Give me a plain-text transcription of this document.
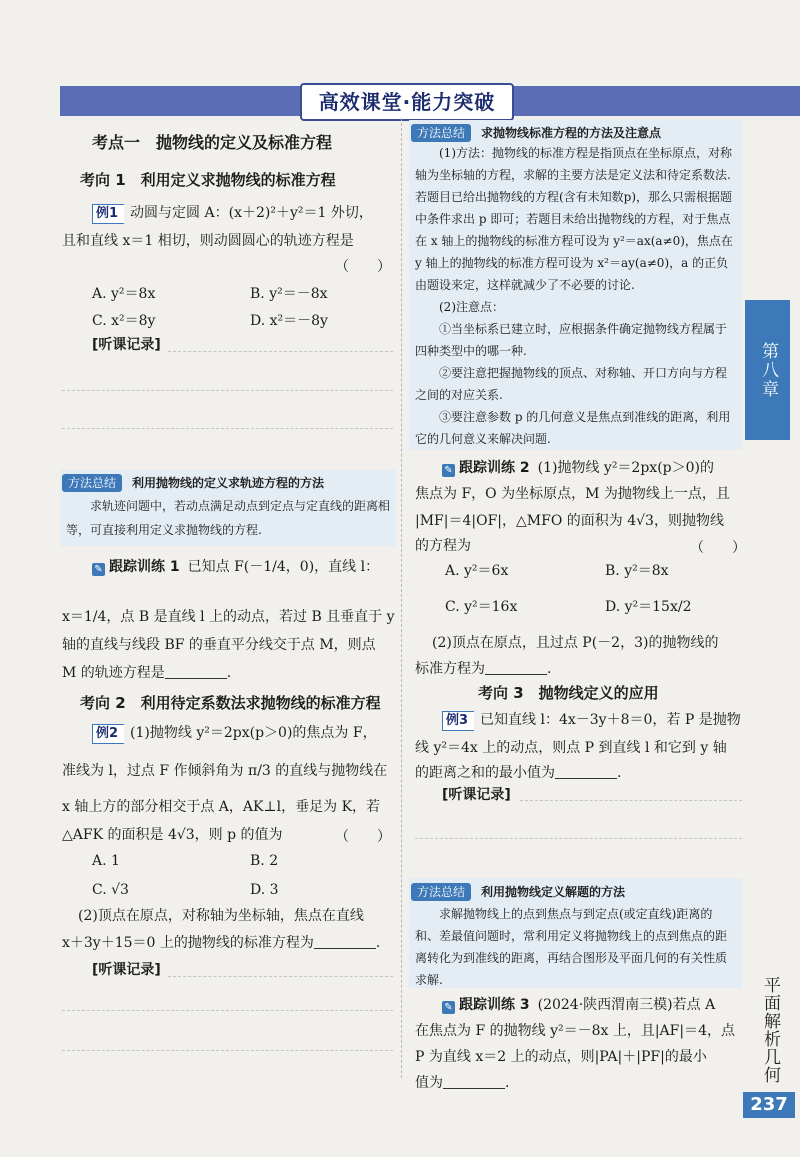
高效课堂·能力突破
第八章
平面解析几何
237
考点一　抛物线的定义及标准方程
考向 1　利用定义求抛物线的标准方程
例1 动圆与定圆 A：(x＋2)²＋y²＝1 外切，
且和直线 x＝1 相切，则动圆圆心的轨迹方程是
（　　）
A. y²＝8x	B. y²＝－8x
C. x²＝8y	D. x²＝－8y
[听课记录]
方法总结 利用抛物线的定义求轨迹方程的方法

求轨迹问题中，若动点满足动点到定点与定直线的距离相等，可直接利用定义求抛物线的方程.

✎ 跟踪训练 1 已知点 F(－1/4，0)，直线 l：
x＝1/4，点 B 是直线 l 上的动点，若过 B 且垂直于 y
轴的直线与线段 BF 的垂直平分线交于点 M，则点
M 的轨迹方程是	.
考向 2　利用待定系数法求抛物线的标准方程
例2 (1)抛物线 y²＝2px(p＞0)的焦点为 F，
准线为 l，过点 F 作倾斜角为 π/3 的直线与抛物线在
x 轴上方的部分相交于点 A，AK⊥l，垂足为 K，若
△AFK 的面积是 4√3，则 p 的值为	（　　）
A. 1	B. 2
C. √3	D. 3
(2)顶点在原点，对称轴为坐标轴，焦点在直线
x＋3y＋15＝0 上的抛物线的标准方程为	.
[听课记录]
方法总结 求抛物线标准方程的方法及注意点

(1)方法：抛物线的标准方程是指顶点在坐标原点，对称轴为坐标轴的方程，求解的主要方法是定义法和待定系数法.若题目已给出抛物线的方程(含有未知数p)，那么只需根据题中条件求出 p 即可；若题目未给出抛物线的方程，对于焦点在 x 轴上的抛物线的标准方程可设为 y²＝ax(a≠0)，焦点在 y 轴上的抛物线的标准方程可设为 x²＝ay(a≠0)，a 的正负由题设来定，这样就减少了不必要的讨论.

(2)注意点：

①当坐标系已建立时，应根据条件确定抛物线方程属于四种类型中的哪一种.

②要注意把握抛物线的顶点、对称轴、开口方向与方程之间的对应关系.

③要注意参数 p 的几何意义是焦点到准线的距离，利用它的几何意义来解决问题.

✎ 跟踪训练 2 (1)抛物线 y²＝2px(p＞0)的
焦点为 F，O 为坐标原点，M 为抛物线上一点，且
|MF|＝4|OF|，△MFO 的面积为 4√3，则抛物线
的方程为	（　　）
A. y²＝6x	B. y²＝8x
C. y²＝16x	D. y²＝15x/2
(2)顶点在原点，且过点 P(－2，3)的抛物线的
标准方程为	.
考向 3　抛物线定义的应用
例3 已知直线 l：4x－3y＋8＝0，若 P 是抛物
线 y²＝4x 上的动点，则点 P 到直线 l 和它到 y 轴
的距离之和的最小值为	.
[听课记录]
方法总结 利用抛物线定义解题的方法

求解抛物线上的点到焦点与到定点(或定直线)距离的和、差最值问题时，常利用定义将抛物线上的点到焦点的距离转化为到准线的距离，再结合图形及平面几何的有关性质求解.

✎ 跟踪训练 3 (2024·陕西渭南三模)若点 A
在焦点为 F 的抛物线 y²＝－8x 上，且|AF|＝4，点
P 为直线 x＝2 上的动点，则|PA|＋|PF|的最小
值为	.
